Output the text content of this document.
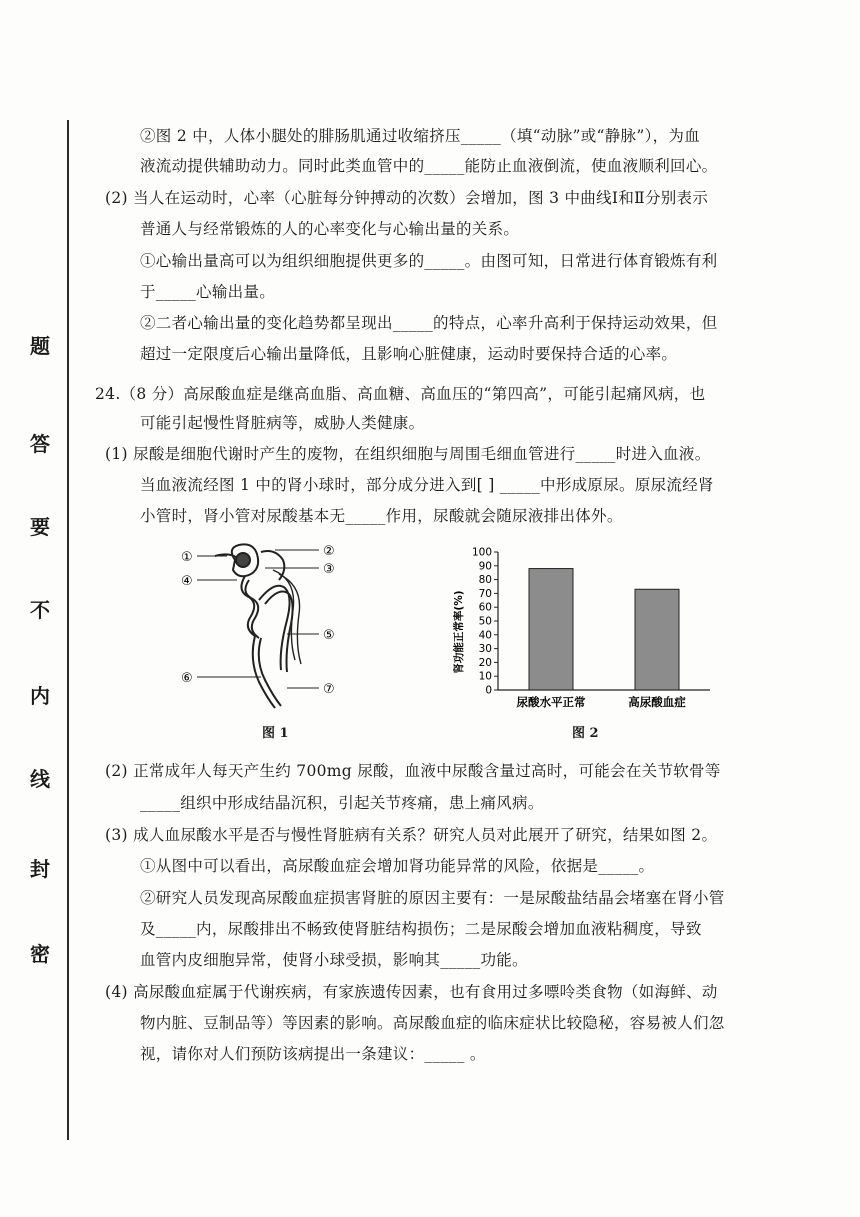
题
答
要
不
内
线
封
密
②图 2 中，人体小腿处的腓肠肌通过收缩挤压_____（填“动脉”或“静脉”），为血
液流动提供辅助动力。同时此类血管中的_____能防止血液倒流，使血液顺利回心。
(2) 当人在运动时，心率（心脏每分钟搏动的次数）会增加，图 3 中曲线Ⅰ和Ⅱ分别表示
普通人与经常锻炼的人的心率变化与心输出量的关系。
①心输出量高可以为组织细胞提供更多的_____。由图可知，日常进行体育锻炼有利
于_____心输出量。
②二者心输出量的变化趋势都呈现出_____的特点，心率升高利于保持运动效果，但
超过一定限度后心输出量降低，且影响心脏健康，运动时要保持合适的心率。
24.（8 分）高尿酸血症是继高血脂、高血糖、高血压的“第四高”，可能引起痛风病，也
可能引起慢性肾脏病等，威胁人类健康。
(1) 尿酸是细胞代谢时产生的废物，在组织细胞与周围毛细血管进行_____时进入血液。
当血液流经图 1 中的肾小球时，部分成分进入到[ ] _____中形成原尿。原尿流经肾
小管时，肾小管对尿酸基本无_____作用，尿酸就会随尿液排出体外。
①	②
③
④
⑤
⑥
⑦
图 1
0
10
20
30
40
50
60
70
80
90
100
尿酸水平正常	高尿酸血症
肾功能正常率(%)
图 2
(2) 正常成年人每天产生约 700mg 尿酸，血液中尿酸含量过高时，可能会在关节软骨等
_____组织中形成结晶沉积，引起关节疼痛，患上痛风病。
(3) 成人血尿酸水平是否与慢性肾脏病有关系？研究人员对此展开了研究，结果如图 2。
①从图中可以看出，高尿酸血症会增加肾功能异常的风险，依据是_____。
②研究人员发现高尿酸血症损害肾脏的原因主要有：一是尿酸盐结晶会堵塞在肾小管
及_____内，尿酸排出不畅致使肾脏结构损伤；二是尿酸会增加血液粘稠度，导致
血管内皮细胞异常，使肾小球受损，影响其_____功能。
(4) 高尿酸血症属于代谢疾病，有家族遗传因素，也有食用过多嘌呤类食物（如海鲜、动
物内脏、豆制品等）等因素的影响。高尿酸血症的临床症状比较隐秘，容易被人们忽
视，请你对人们预防该病提出一条建议：_____ 。
